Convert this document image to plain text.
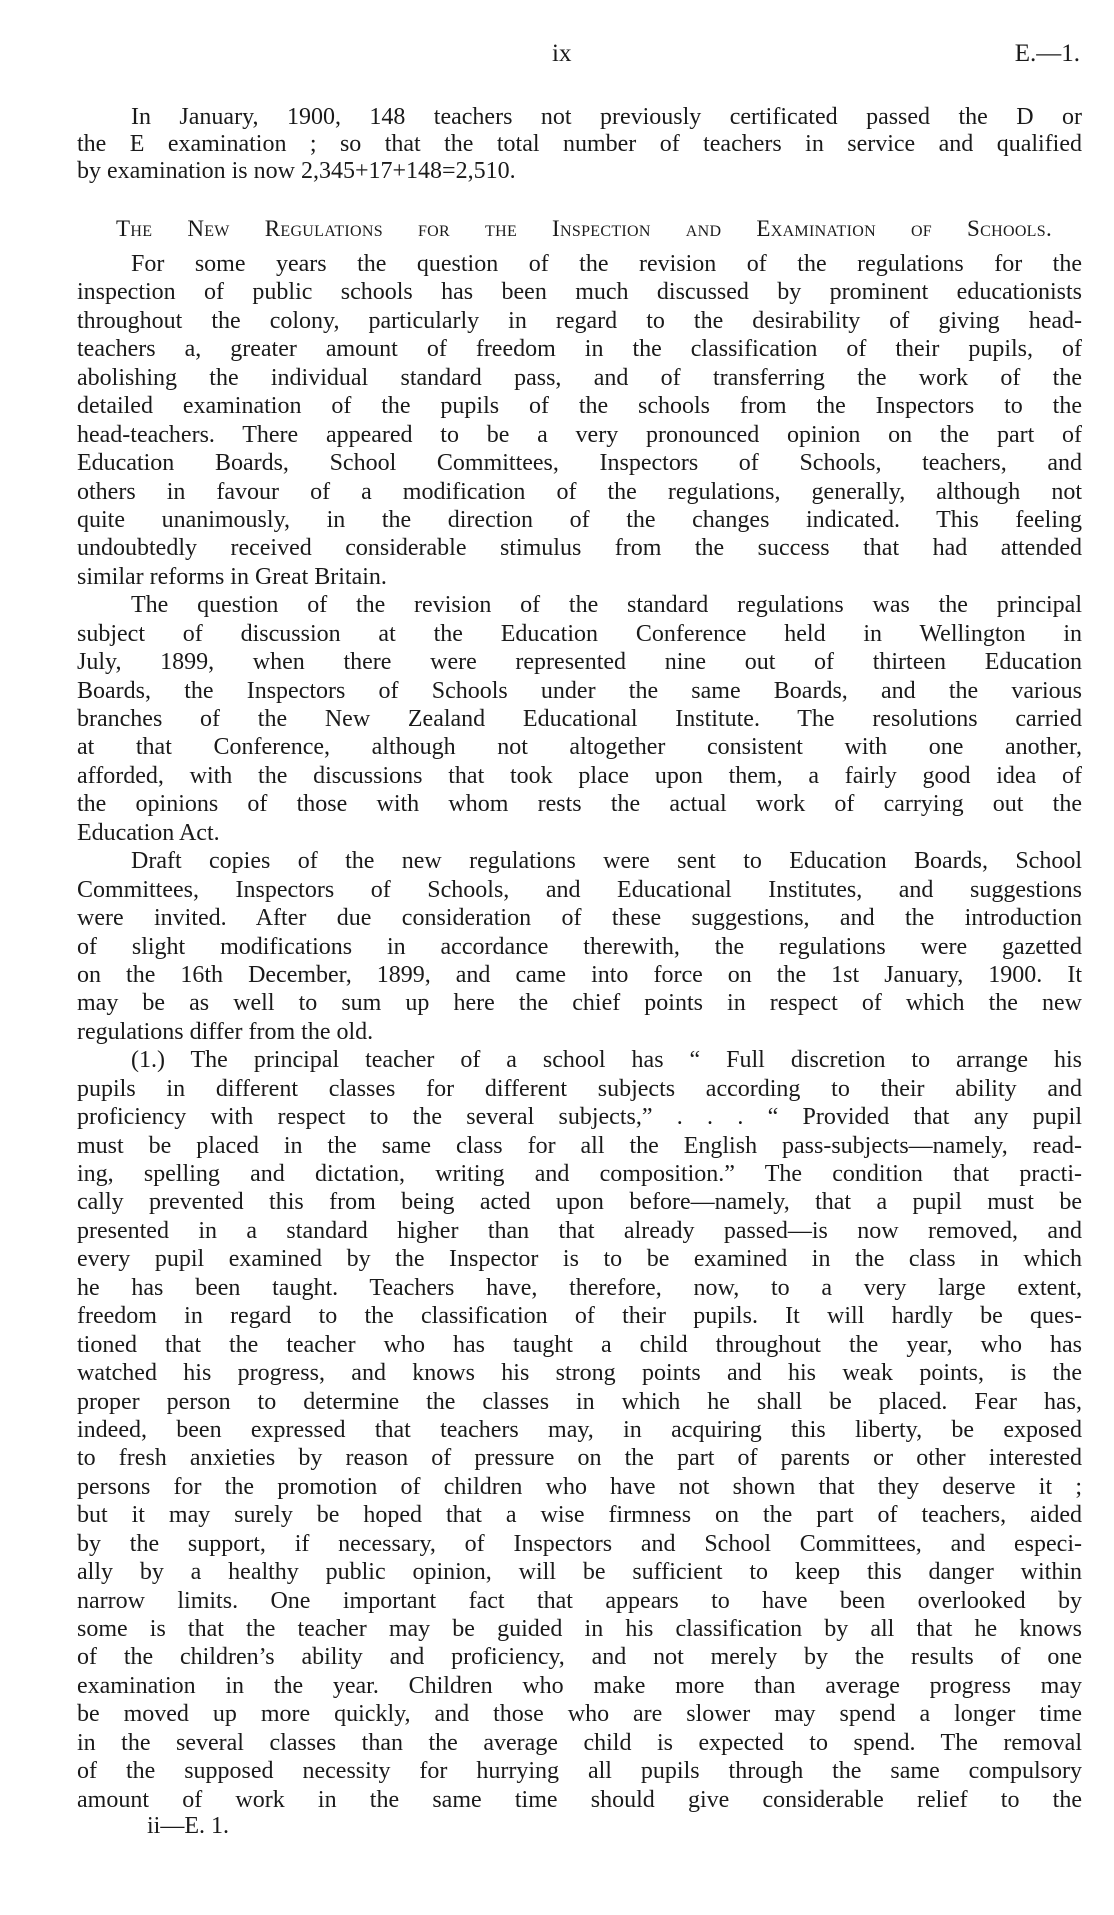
ix	E.—1.
In January, 1900, 148 teachers not previously certificated passed the D or
the E examination ; so that the total number of teachers in service and qualified
by examination is now 2,345+17+148=2,510.
The New Regulations for the Inspection and Examination of Schools.
For some years the question of the revision of the regulations for the
inspection of public schools has been much discussed by prominent educationists
throughout the colony, particularly in regard to the desirability of giving head-
teachers a, greater amount of freedom in the classification of their pupils, of
abolishing the individual standard pass, and of transferring the work of the
detailed examination of the pupils of the schools from the Inspectors to the
head-teachers. There appeared to be a very pronounced opinion on the part of
Education Boards, School Committees, Inspectors of Schools, teachers, and
others in favour of a modification of the regulations, generally, although not
quite unanimously, in the direction of the changes indicated. This feeling
undoubtedly received considerable stimulus from the success that had attended
similar reforms in Great Britain.
The question of the revision of the standard regulations was the principal
subject of discussion at the Education Conference held in Wellington in
July, 1899, when there were represented nine out of thirteen Education
Boards, the Inspectors of Schools under the same Boards, and the various
branches of the New Zealand Educational Institute. The resolutions carried
at that Conference, although not altogether consistent with one another,
afforded, with the discussions that took place upon them, a fairly good idea of
the opinions of those with whom rests the actual work of carrying out the
Education Act.
Draft copies of the new regulations were sent to Education Boards, School
Committees, Inspectors of Schools, and Educational Institutes, and suggestions
were invited. After due consideration of these suggestions, and the introduction
of slight modifications in accordance therewith, the regulations were gazetted
on the 16th December, 1899, and came into force on the 1st January, 1900. It
may be as well to sum up here the chief points in respect of which the new
regulations differ from the old.
(1.) The principal teacher of a school has “ Full discretion to arrange his
pupils in different classes for different subjects according to their ability and
proficiency with respect to the several subjects,” . . . “ Provided that any pupil
must be placed in the same class for all the English pass-subjects—namely, read-
ing, spelling and dictation, writing and composition.” The condition that practi-
cally prevented this from being acted upon before—namely, that a pupil must be
presented in a standard higher than that already passed—is now removed, and
every pupil examined by the Inspector is to be examined in the class in which
he has been taught. Teachers have, therefore, now, to a very large extent,
freedom in regard to the classification of their pupils. It will hardly be ques-
tioned that the teacher who has taught a child throughout the year, who has
watched his progress, and knows his strong points and his weak points, is the
proper person to determine the classes in which he shall be placed. Fear has,
indeed, been expressed that teachers may, in acquiring this liberty, be exposed
to fresh anxieties by reason of pressure on the part of parents or other interested
persons for the promotion of children who have not shown that they deserve it ;
but it may surely be hoped that a wise firmness on the part of teachers, aided
by the support, if necessary, of Inspectors and School Committees, and especi-
ally by a healthy public opinion, will be sufficient to keep this danger within
narrow limits. One important fact that appears to have been overlooked by
some is that the teacher may be guided in his classification by all that he knows
of the children’s ability and proficiency, and not merely by the results of one
examination in the year. Children who make more than average progress may
be moved up more quickly, and those who are slower may spend a longer time
in the several classes than the average child is expected to spend. The removal
of the supposed necessity for hurrying all pupils through the same compulsory
amount of work in the same time should give considerable relief to the
ii—E. 1.
